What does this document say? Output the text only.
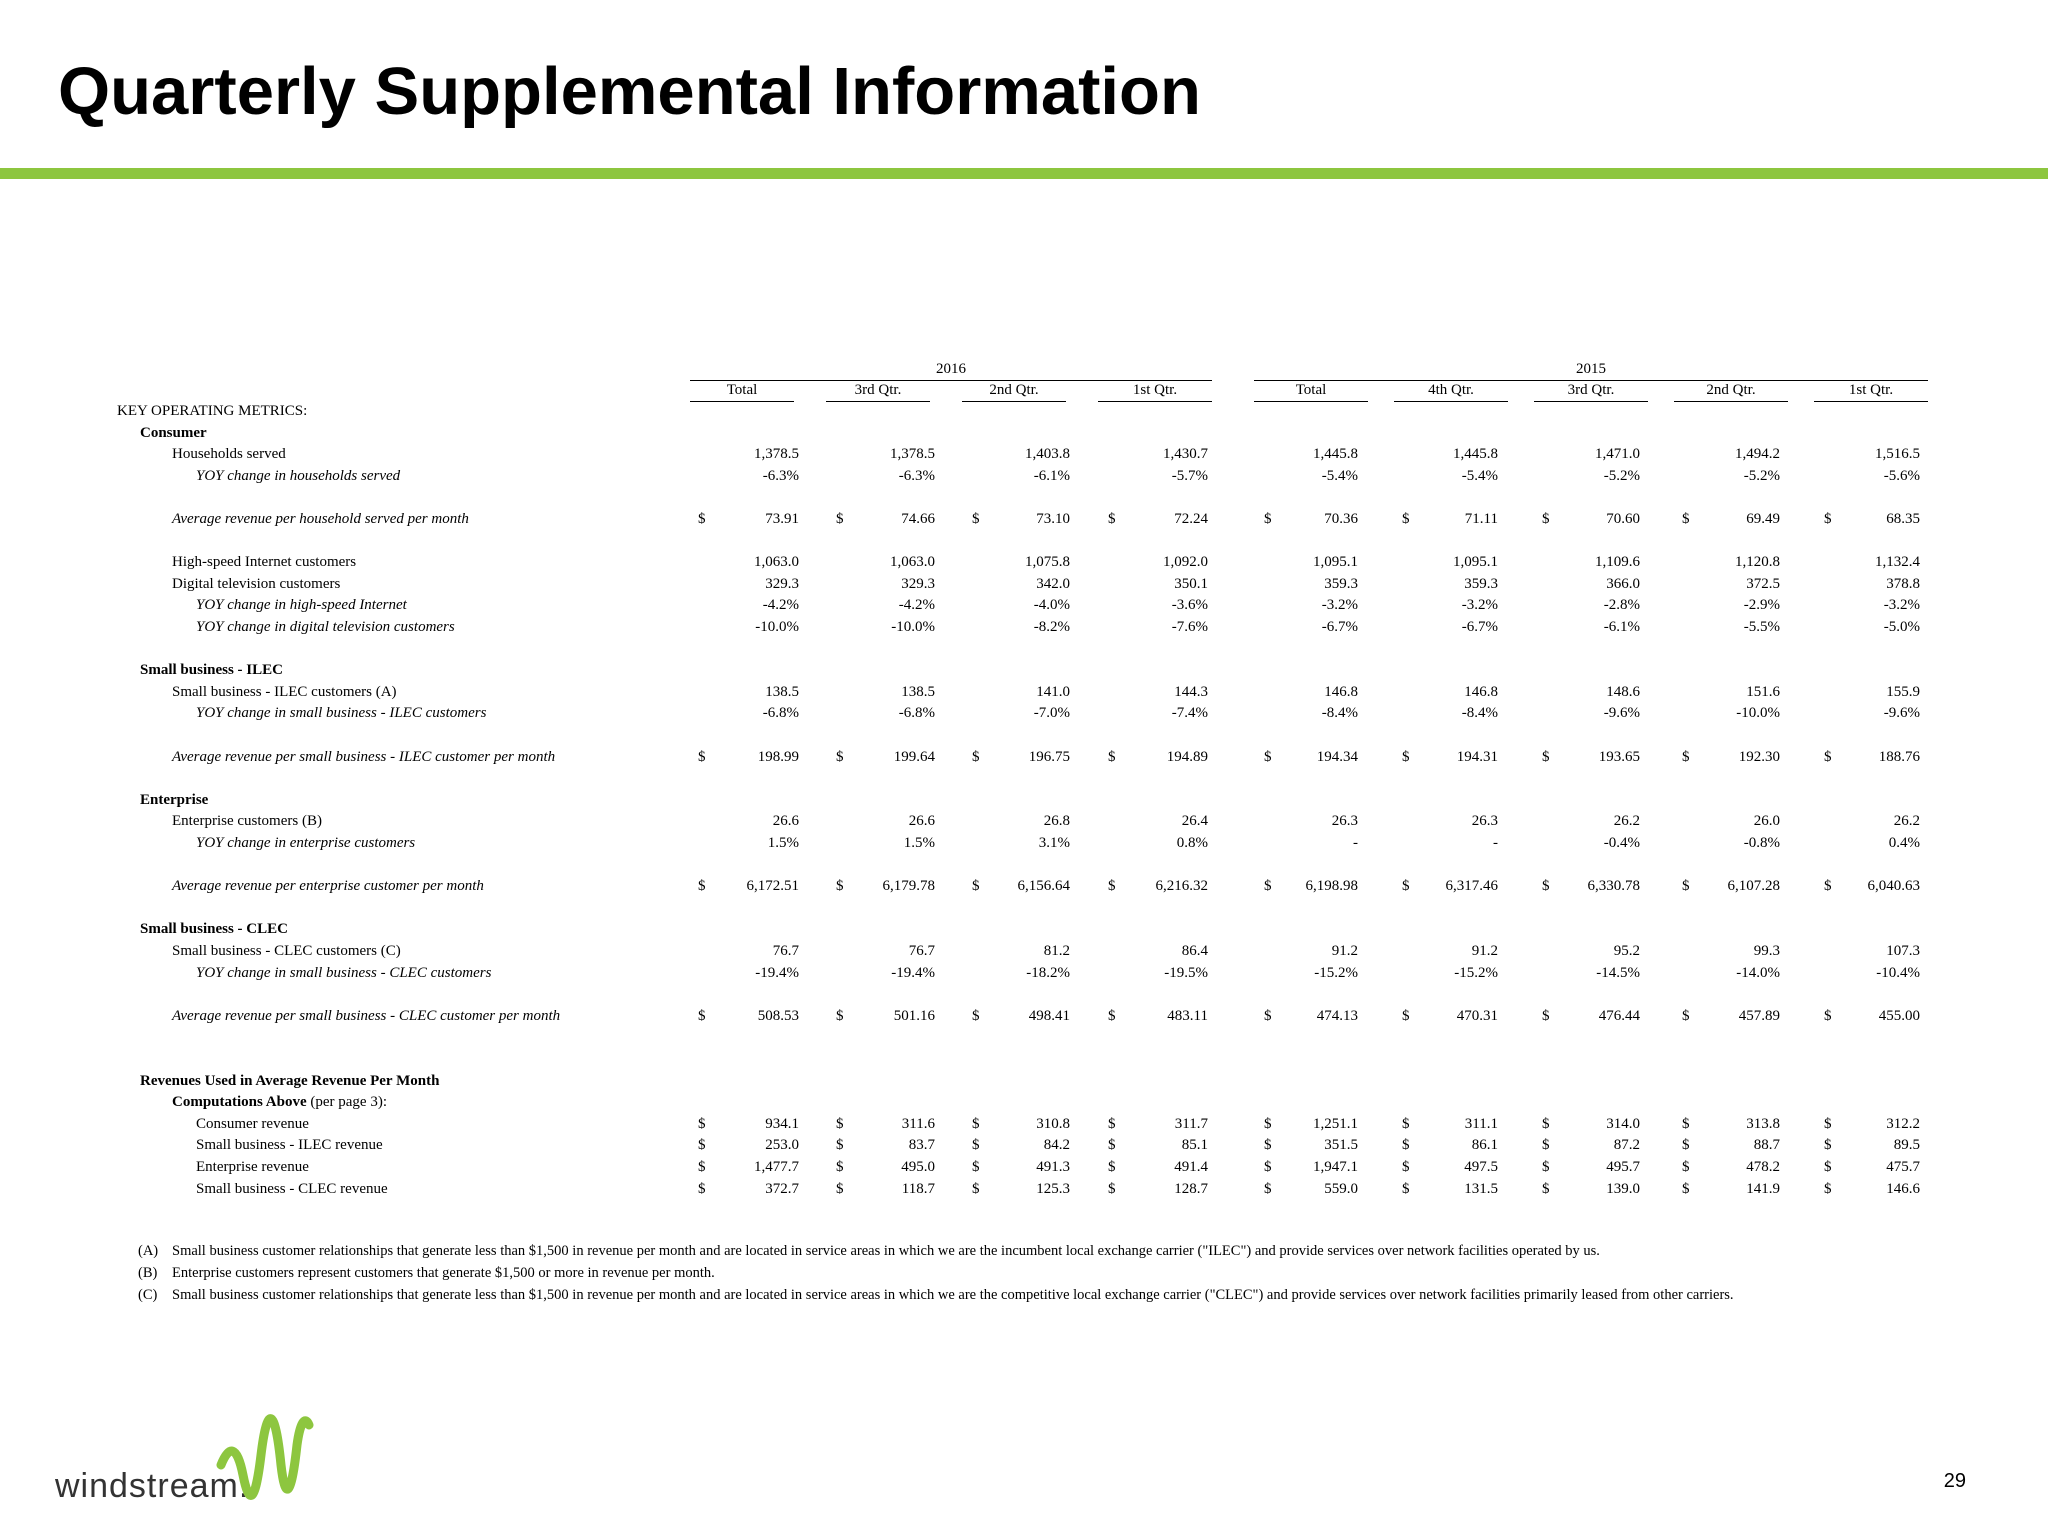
Quarterly Supplemental Information
2016	2015
Total	3rd Qtr.	2nd Qtr.	1st Qtr.	Total	4th Qtr.	3rd Qtr.	2nd Qtr.	1st Qtr.
KEY OPERATING METRICS:
Consumer
Households served	1,378.5	1,378.5	1,403.8	1,430.7	1,445.8	1,445.8	1,471.0	1,494.2	1,516.5
YOY change in households served	-6.3%	-6.3%	-6.1%	-5.7%	-5.4%	-5.4%	-5.2%	-5.2%	-5.6%
Average revenue per household served per month	$	73.91 $	74.66 $	73.10	$	72.24	$	70.36	$	71.11	$	70.60	$	69.49	$	68.35
High-speed Internet customers	1,063.0	1,063.0	1,075.8	1,092.0	1,095.1	1,095.1	1,109.6	1,120.8	1,132.4
Digital television customers	329.3	329.3	342.0	350.1	359.3	359.3	366.0	372.5	378.8
YOY change in high-speed Internet	-4.2%	-4.2%	-4.0%	-3.6%	-3.2%	-3.2%	-2.8%	-2.9%	-3.2%
YOY change in digital television customers	-10.0%	-10.0%	-8.2%	-7.6%	-6.7%	-6.7%	-6.1%	-5.5%	-5.0%
Small business - ILEC
Small business - ILEC customers (A)	138.5	138.5	141.0	144.3	146.8	146.8	148.6	151.6	155.9
YOY change in small business - ILEC customers	-6.8%	-6.8%	-7.0%	-7.4%	-8.4%	-8.4%	-9.6%	-10.0%	-9.6%
Average revenue per small business - ILEC customer per month	$	198.99 $	199.64 $	196.75	$	194.89	$	194.34	$	194.31	$	193.65	$	192.30	$	188.76
Enterprise
Enterprise customers (B)	26.6	26.6	26.8	26.4	26.3	26.3	26.2	26.0	26.2
YOY change in enterprise customers	1.5%	1.5%	3.1%	0.8%	-	-	-0.4%	-0.8%	0.4%
Average revenue per enterprise customer per month	$	6,172.51 $	6,179.78 $	6,156.64	$	6,216.32	$ 6,198.98	$ 6,317.46	$	6,330.78	$	6,107.28	$ 6,040.63
Small business - CLEC
Small business - CLEC customers (C)	76.7	76.7	81.2	86.4	91.2	91.2	95.2	99.3	107.3
YOY change in small business - CLEC customers	-19.4%	-19.4%	-18.2%	-19.5%	-15.2%	-15.2%	-14.5%	-14.0%	-10.4%
Average revenue per small business - CLEC customer per month	$	508.53 $	501.16 $	498.41	$	483.11	$	474.13	$	470.31	$	476.44	$	457.89	$	455.00
Revenues Used in Average Revenue Per Month
Computations Above (per page 3):
Consumer revenue	$	934.1 $	311.6 $	310.8	$	311.7	$	1,251.1	$	311.1	$	314.0	$	313.8	$	312.2
Small business - ILEC revenue	$	253.0 $	83.7 $	84.2	$	85.1	$	351.5	$	86.1	$	87.2	$	88.7	$	89.5
Enterprise revenue	$	1,477.7 $	495.0 $	491.3	$	491.4	$	1,947.1	$	497.5	$	495.7	$	478.2	$	475.7
Small business - CLEC revenue	$	372.7 $	118.7 $	125.3	$	128.7	$	559.0	$	131.5	$	139.0	$	141.9	$	146.6
(A) Small business customer relationships that generate less than $1,500 in revenue per month and are located in service areas in which we are the incumbent local exchange carrier ("ILEC") and provide services over network facilities operated by us.
(B) Enterprise customers represent customers that generate $1,500 or more in revenue per month.
(C) Small business customer relationships that generate less than $1,500 in revenue per month and are located in service areas in which we are the competitive local exchange carrier ("CLEC") and provide services over network facilities primarily leased from other carriers.
windstream.	29
